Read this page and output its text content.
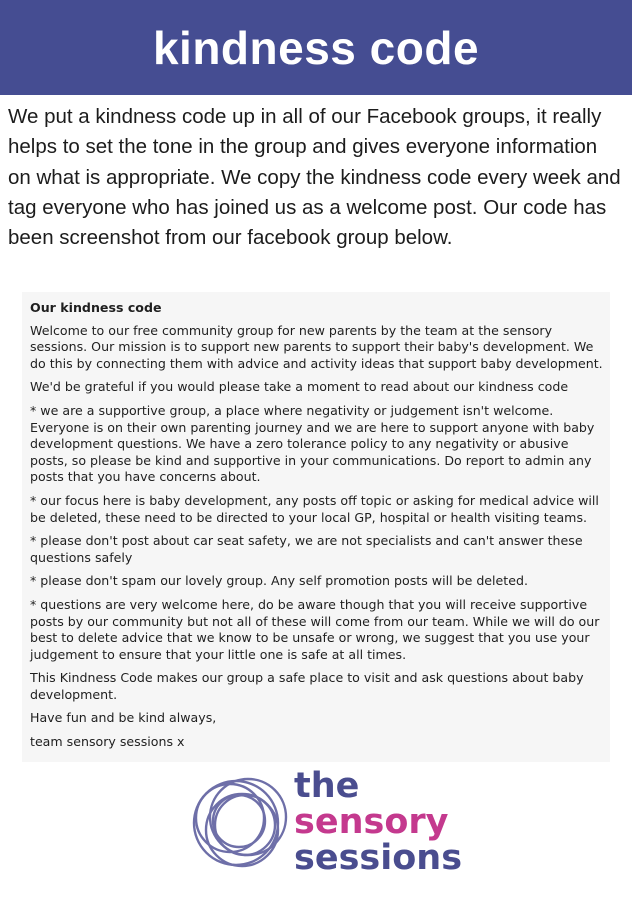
kindness code

We put a kindness code up in all of our Facebook groups, it really helps to set the tone in the group and gives everyone information on what is appropriate. We copy the kindness code every week and tag everyone who has joined us as a welcome post. Our code has been screenshot from our facebook group below.

Our kindness code

Welcome to our free community group for new parents by the team at the sensory sessions. Our mission is to support new parents to support their baby's development. We do this by connecting them with advice and activity ideas that support baby development.

We'd be grateful if you would please take a moment to read about our kindness code

* we are a supportive group, a place where negativity or judgement isn't welcome. Everyone is on their own parenting journey and we are here to support anyone with baby development questions. We have a zero tolerance policy to any negativity or abusive posts, so please be kind and supportive in your communications. Do report to admin any posts that you have concerns about.

* our focus here is baby development, any posts off topic or asking for medical advice will be deleted, these need to be directed to your local GP, hospital or health visiting teams.

* please don't post about car seat safety, we are not specialists and can't answer these questions safely

* please don't spam our lovely group. Any self promotion posts will be deleted.

* questions are very welcome here, do be aware though that you will receive supportive posts by our community but not all of these will come from our team. While we will do our best to delete advice that we know to be unsafe or wrong, we suggest that you use your judgement to ensure that your little one is safe at all times.

This Kindness Code makes our group a safe place to visit and ask questions about baby development.

Have fun and be kind always,

team sensory sessions x

the
sensory
sessions
